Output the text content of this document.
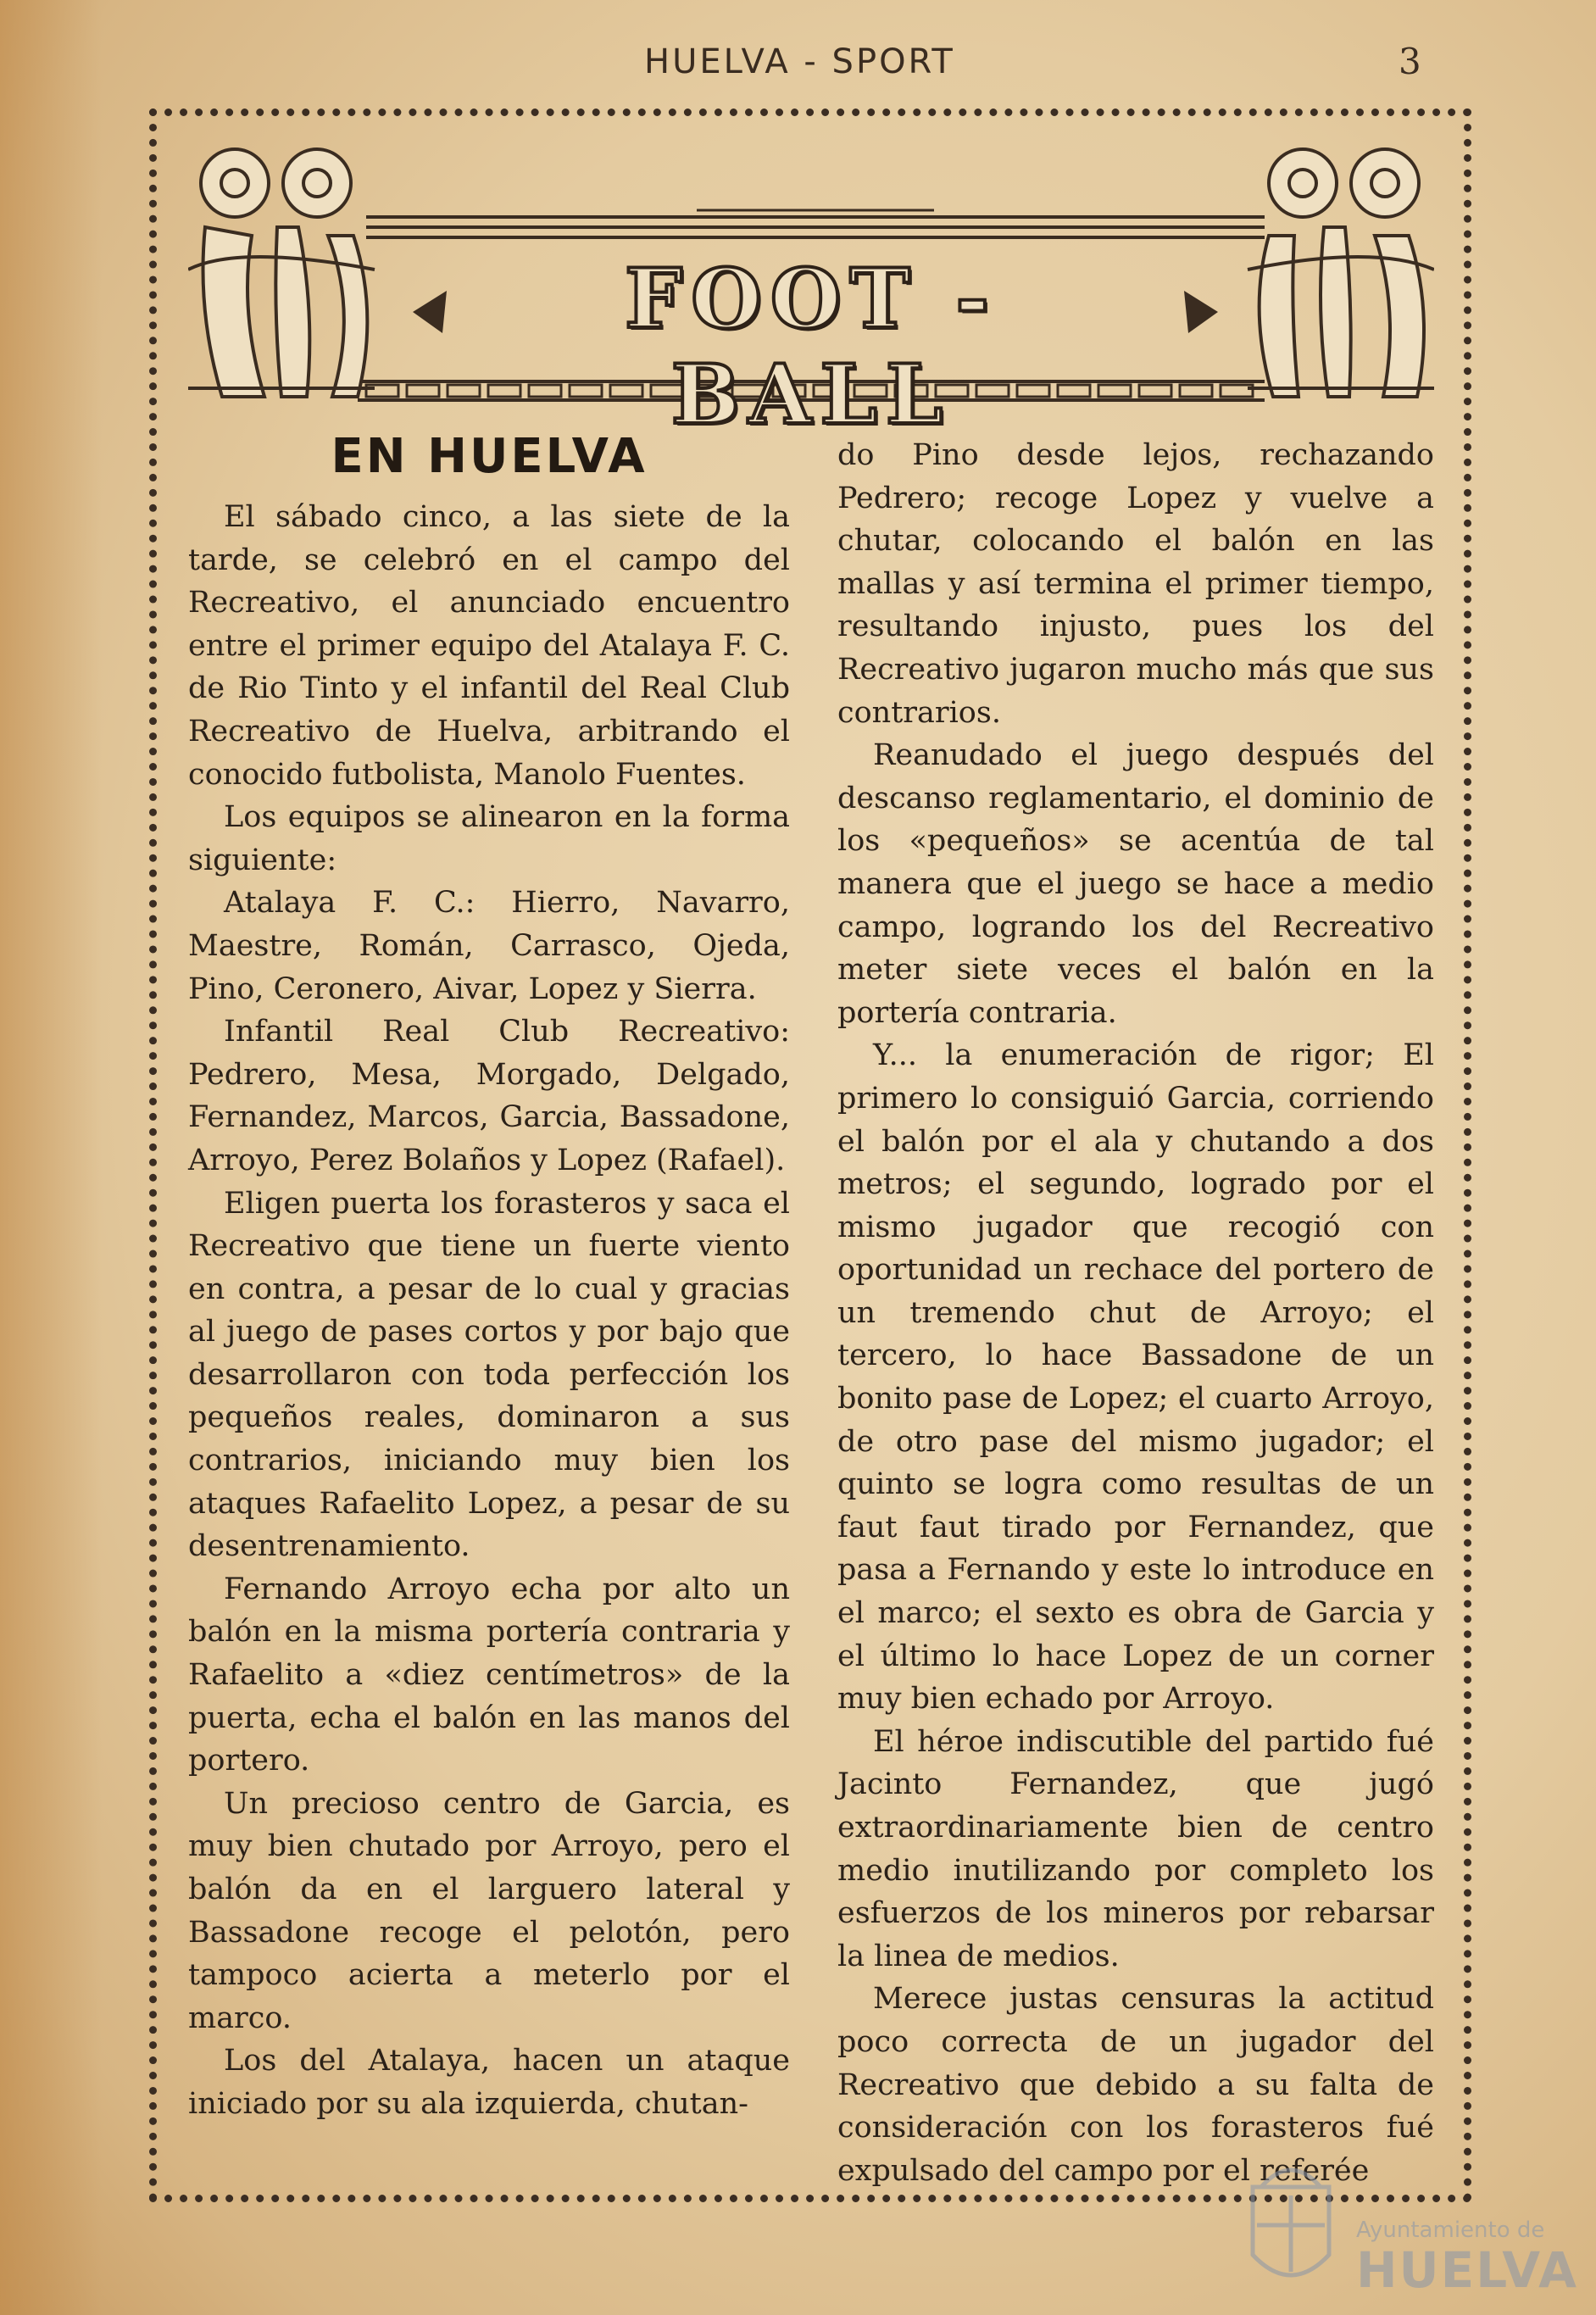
HUELVA - SPORT	3
FOOT - BALL
EN HUELVA

El sábado cinco, a las siete de la tarde, se celebró en el campo del Recreativo, el anunciado encuentro entre el primer equipo del Atalaya F. C. de Rio Tinto y el infantil del Real Club Recreativo de Huelva, arbitrando el conocido futbolista, Manolo Fuentes.

Los equipos se alinearon en la forma siguiente:

Atalaya F. C.: Hierro, Navarro, Maestre, Román, Carrasco, Ojeda, Pino, Ceronero, Aivar, Lopez y Sierra.

Infantil Real Club Recreativo: Pedrero, Mesa, Morgado, Delgado, Fernandez, Marcos, Garcia, Bassadone, Arroyo, Perez Bolaños y Lopez (Rafael).

Eligen puerta los forasteros y saca el Recreativo que tiene un fuerte viento en contra, a pesar de lo cual y gracias al juego de pases cortos y por bajo que desarrollaron con toda perfección los pequeños reales, dominaron a sus contrarios, iniciando muy bien los ataques Rafaelito Lopez, a pesar de su desentrenamiento.

Fernando Arroyo echa por alto un balón en la misma portería contraria y Rafaelito a «diez centímetros» de la puerta, echa el balón en las manos del portero.

Un precioso centro de Garcia, es muy bien chutado por Arroyo, pero el balón da en el larguero lateral y Bassadone recoge el pelotón, pero tampoco acierta a meterlo por el marco.

Los del Atalaya, hacen un ataque iniciado por su ala izquierda, chutan-

do Pino desde lejos, rechazando Pedrero; recoge Lopez y vuelve a chutar, colocando el balón en las mallas y así termina el primer tiempo, resultando injusto, pues los del Recreativo jugaron mucho más que sus contrarios.

Reanudado el juego después del descanso reglamentario, el dominio de los «pequeños» se acentúa de tal manera que el juego se hace a medio campo, logrando los del Recreativo meter siete veces el balón en la portería contraria.

Y... la enumeración de rigor; El primero lo consiguió Garcia, corriendo el balón por el ala y chutando a dos metros; el segundo, logrado por el mismo jugador que recogió con oportunidad un rechace del portero de un tremendo chut de Arroyo; el tercero, lo hace Bassadone de un bonito pase de Lopez; el cuarto Arroyo, de otro pase del mismo jugador; el quinto se logra como resultas de un faut faut tirado por Fernandez, que pasa a Fernando y este lo introduce en el marco; el sexto es obra de Garcia y el último lo hace Lopez de un corner muy bien echado por Arroyo.

El héroe indiscutible del partido fué Jacinto Fernandez, que jugó extraordinariamente bien de centro medio inutilizando por completo los esfuerzos de los mineros por rebarsar la linea de medios.

Merece justas censuras la actitud poco correcta de un jugador del Recreativo que debido a su falta de consideración con los forasteros fué expulsado del campo por el referée

Ayuntamiento de
HUELVA
